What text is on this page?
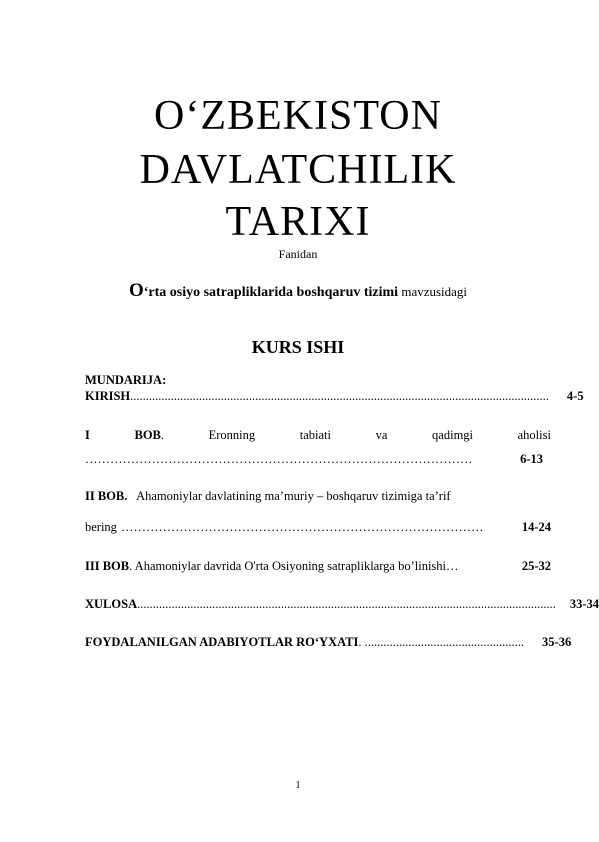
O‘ZBEKISTON
DAVLATCHILIK
TARIXI
Fanidan
O‘rta osiyo satrapliklarida boshqaruv tizimi mavzusidagi
KURS ISHI
MUNDARIJA:
KIRISH ...................................................................................................................................... 4-5
I	BOB.	Eronning	tabiati	va	qadimgi	aholisi
…………………………………………………………………………………	6-13
II BOB. Ahamoniylar davlatining ma’muriy – boshqaruv tizimiga ta’rif
bering ……………………………………………………………………………	14-24
III BOB . Ahamoniylar davrida O'rta Osiyoning satrapliklarga bo’linishi…	25-32
XULOSA ...................................................................................................................................... 33-34
FOYDALANILGAN ADABIYOTLAR RO‘YXATI . ................................................... 35-36
1
